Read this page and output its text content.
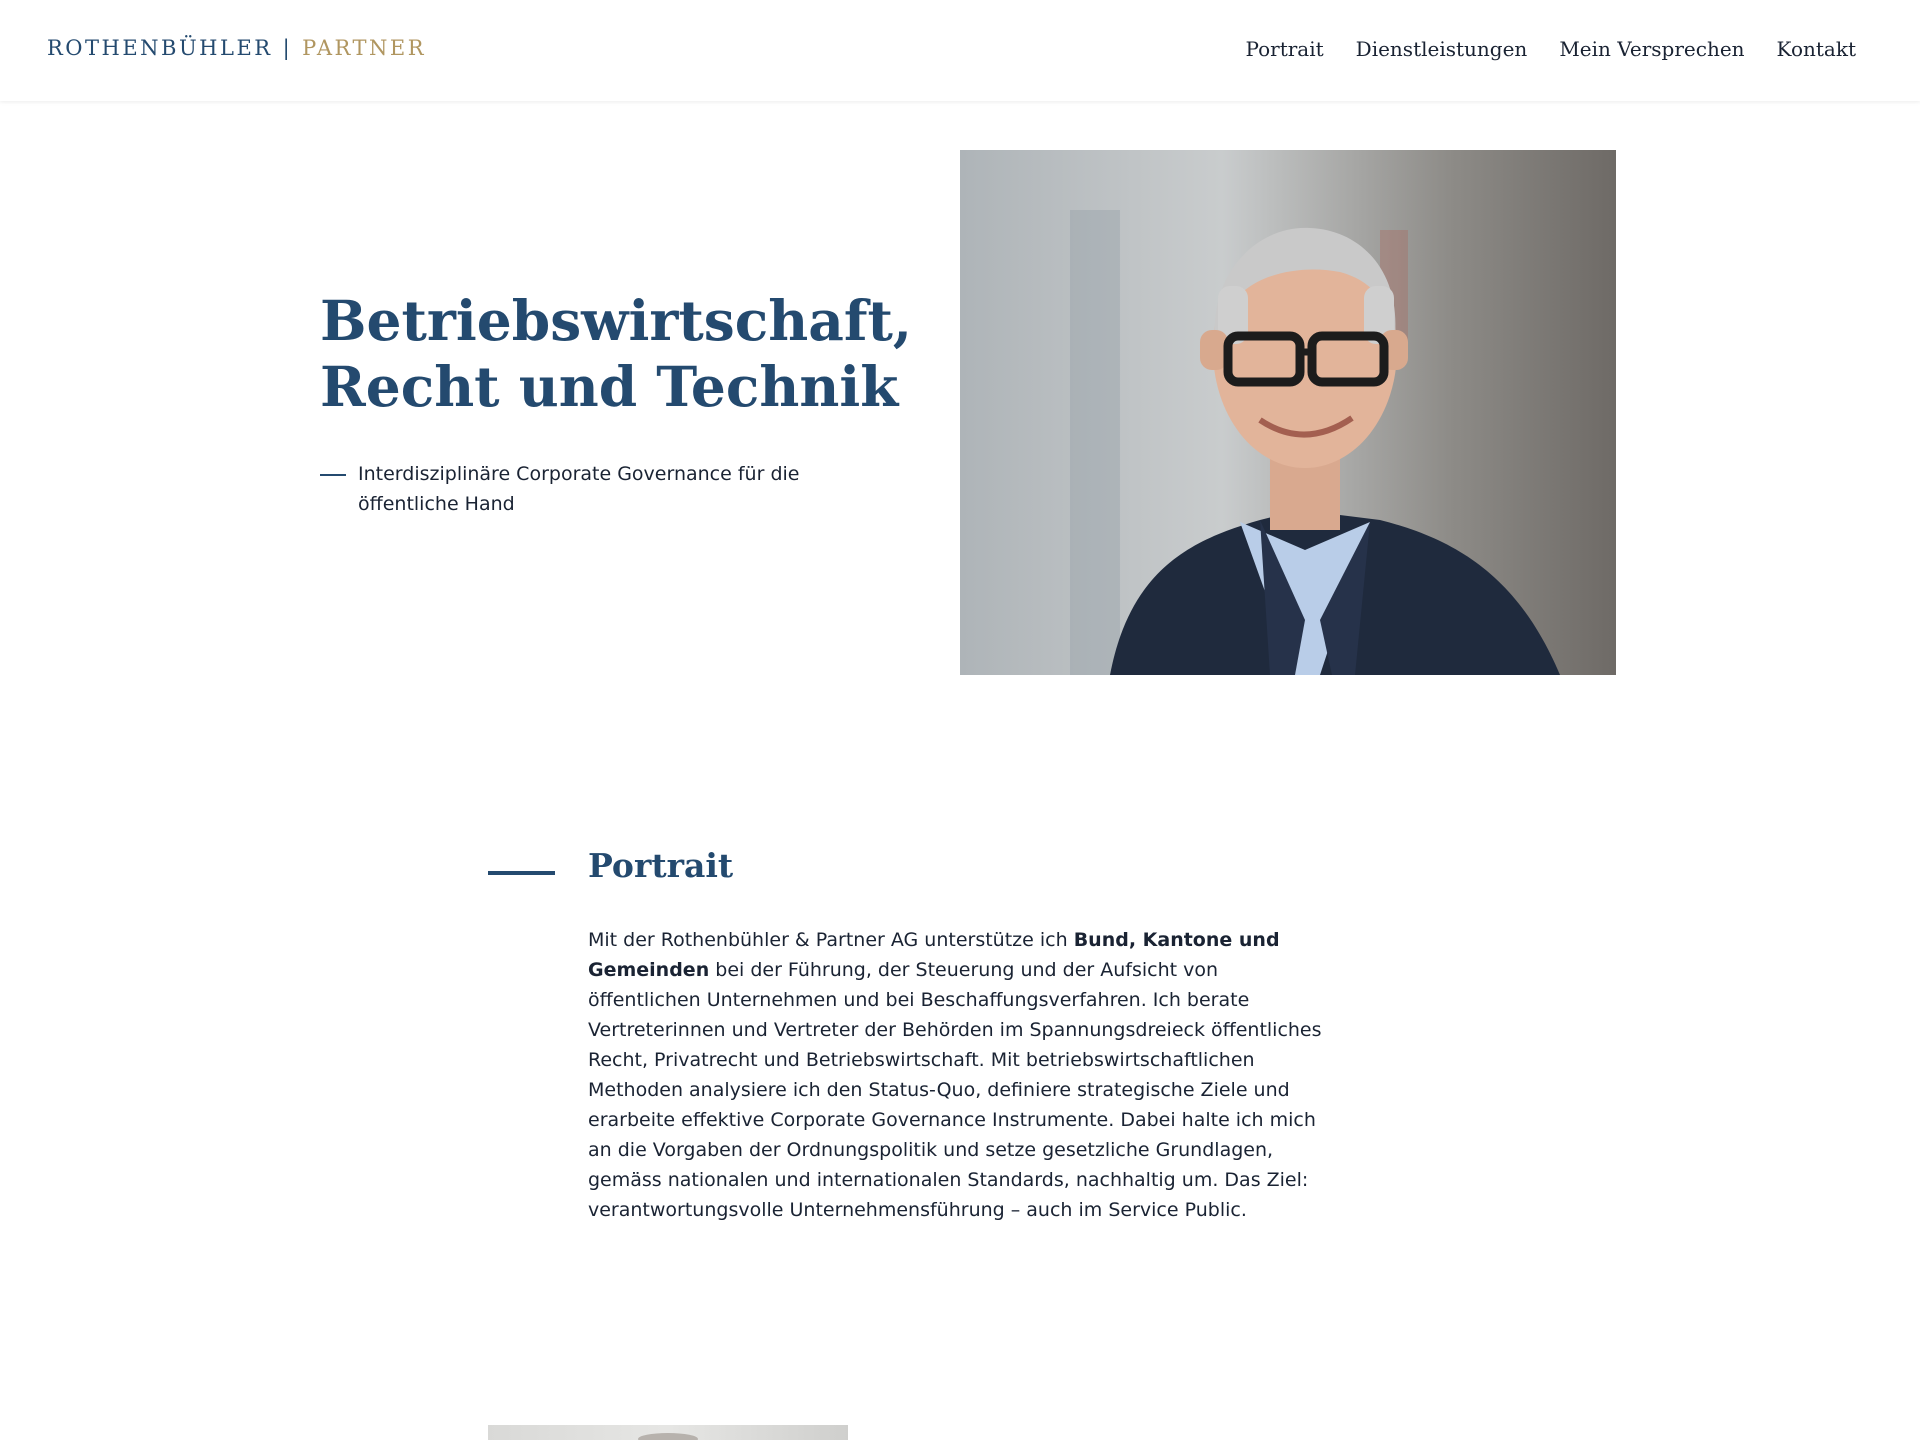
ROTHENBÜHLER | PARTNER	Portrait Dienstleistungen Mein Versprechen Kontakt
Betriebswirtschaft,
Recht und Technik
Interdisziplinäre Corporate Governance für die öffentliche Hand
Portrait

Mit der Rothenbühler & Partner AG unterstütze ich Bund, Kantone und Gemeinden bei der Führung, der Steuerung und der Aufsicht von öffentlichen Unternehmen und bei Beschaffungsverfahren. Ich berate Vertreterinnen und Vertreter der Behörden im Spannungsdreieck öffentliches Recht, Privatrecht und Betriebswirtschaft. Mit betriebswirtschaftlichen Methoden analysiere ich den Status-Quo, definiere strategische Ziele und erarbeite effektive Corporate Governance Instrumente. Dabei halte ich mich an die Vorgaben der Ordnungspolitik und setze gesetzliche Grundlagen, gemäss nationalen und internationalen Standards, nachhaltig um. Das Ziel: verantwortungsvolle Unternehmensführung – auch im Service Public.
